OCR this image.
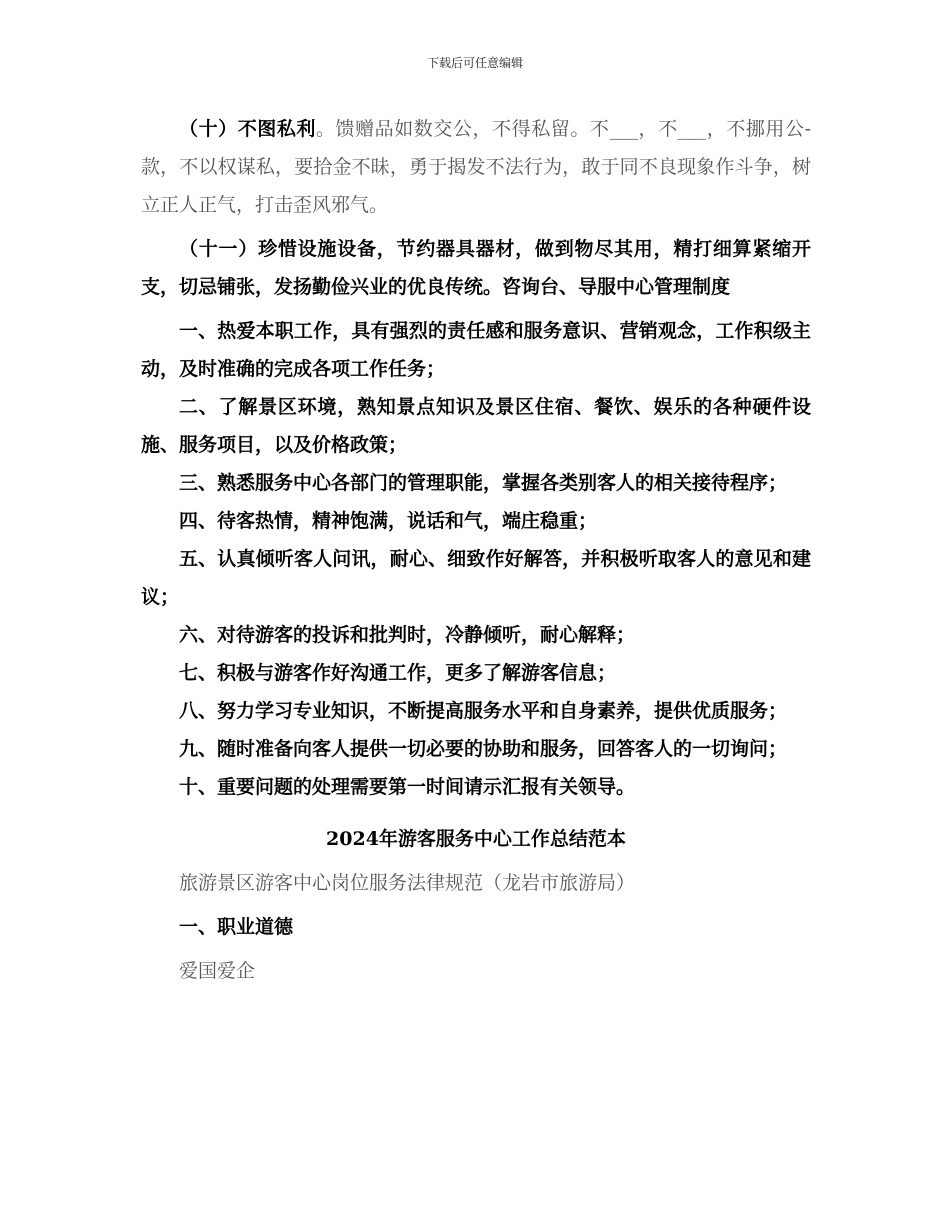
下载后可任意编辑

（十）不图私利。馈赠品如数交公，不得私留。不___，不___，不挪用公-款，不以权谋私，要拾金不昧，勇于揭发不法行为，敢于同不良现象作斗争，树立正人正气，打击歪风邪气。

（十一）珍惜设施设备，节约器具器材，做到物尽其用，精打细算紧缩开支，切忌铺张，发扬勤俭兴业的优良传统。咨询台、导服中心管理制度

一、热爱本职工作，具有强烈的责任感和服务意识、营销观念，工作积级主动，及时准确的完成各项工作任务；

二、了解景区环境，熟知景点知识及景区住宿、餐饮、娱乐的各种硬件设施、服务项目，以及价格政策；

三、熟悉服务中心各部门的管理职能，掌握各类别客人的相关接待程序；

四、待客热情，精神饱满，说话和气，端庄稳重；

五、认真倾听客人问讯，耐心、细致作好解答，并积极听取客人的意见和建议；

六、对待游客的投诉和批判时，冷静倾听，耐心解释；

七、积极与游客作好沟通工作，更多了解游客信息；

八、努力学习专业知识，不断提高服务水平和自身素养，提供优质服务；

九、随时准备向客人提供一切必要的协助和服务，回答客人的一切询问；

十、重要问题的处理需要第一时间请示汇报有关领导。

2024年游客服务中心工作总结范本

旅游景区游客中心岗位服务法律规范（龙岩市旅游局）

一、职业道德

爱国爱企
